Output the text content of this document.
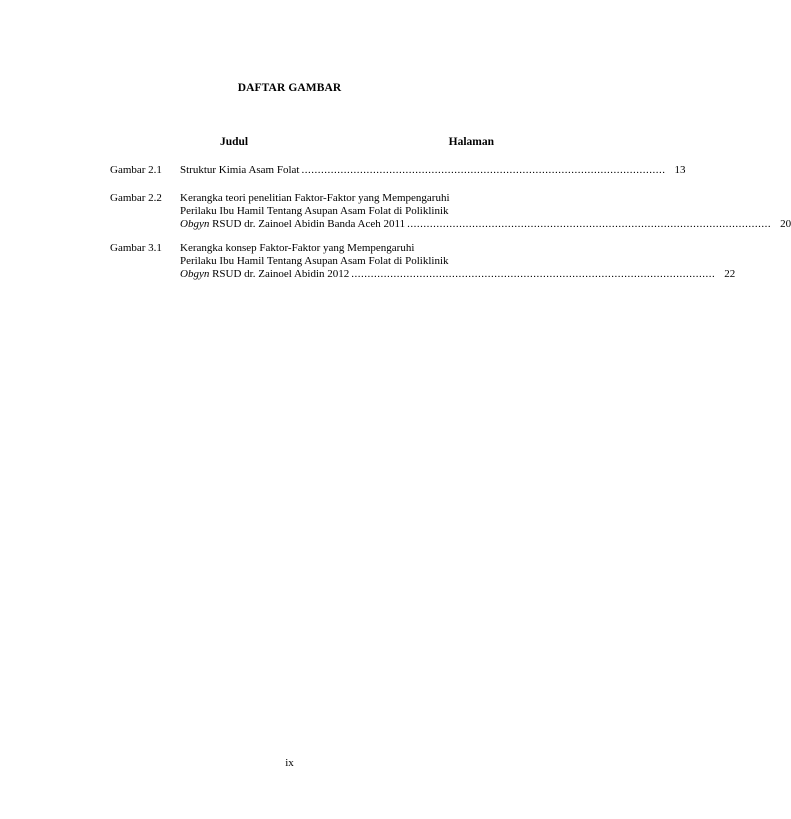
DAFTAR GAMBAR
Judul	Halaman
Gambar 2.1 Struktur Kimia Asam Folat ................................................................................................................ 13
Gambar 2.2 Kerangka teori penelitian Faktor-Faktor yang Mempengaruhi
Perilaku Ibu Hamil Tentang Asupan Asam Folat di Poliklinik
Obgyn RSUD dr. Zainoel Abidin Banda Aceh 2011 ................................................................................................................ 20
Gambar 3.1 Kerangka konsep Faktor-Faktor yang Mempengaruhi
Perilaku Ibu Hamil Tentang Asupan Asam Folat di Poliklinik
Obgyn RSUD dr. Zainoel Abidin 2012 ................................................................................................................ 22
ix
